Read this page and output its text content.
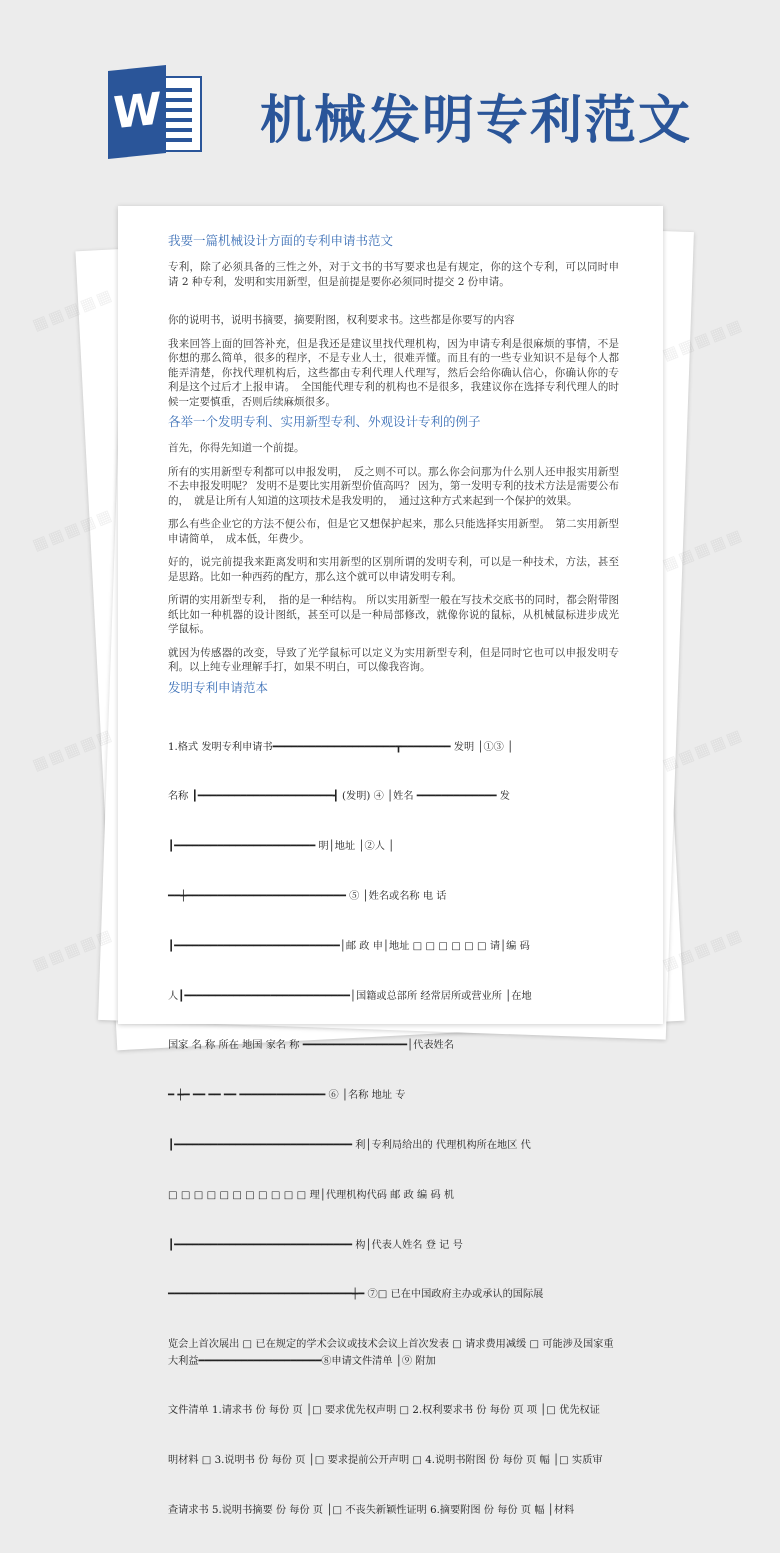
W 机械发明专利范文
我要一篇机械设计方面的专利申请书范文

专利，除了必须具备的三性之外，对于文书的书写要求也是有规定，你的这个专利，可以同时申请 2 种专利，发明和实用新型，但是前提是要你必须同时提交 2 份申请。

你的说明书，说明书摘要，摘要附图，权利要求书。这些都是你要写的内容

我来回答上面的回答补充，但是我还是建议里找代理机构，因为申请专利是很麻烦的事情，不是你想的那么简单，很多的程序，不是专业人士，很难弄懂。而且有的一些专业知识不是每个人都能弄清楚，你找代理机构后，这些都由专利代理人代理写，然后会给你确认信心，你确认你的专利是这个过后才上报申请。　全国能代理专利的机构也不是很多，我建议你在选择专利代理人的时候一定要慎重，否则后续麻烦很多。

各举一个发明专利、实用新型专利、外观设计专利的例子

首先，你得先知道一个前提。

所有的实用新型专利都可以申报发明，　反之则不可以。那么你会问那为什么别人还申报实用新型不去申报发明呢？ 发明不是要比实用新型价值高吗？ 因为，第一发明专利的技术方法是需要公布的，　就是让所有人知道的这项技术是我发明的，　通过这种方式来起到一个保护的效果。

那么有些企业它的方法不便公布，但是它又想保护起来，那么只能选择实用新型。　第二实用新型申请简单，　成本低，年费少。

好的，说完前提我来距离发明和实用新型的区别所谓的发明专利，可以是一种技术，方法，甚至是思路。比如一种西药的配方，那么这个就可以申请发明专利。

所谓的实用新型专利，　指的是一种结构。 所以实用新型一般在写技术交底书的同时，都会附带图纸比如一种机器的设计图纸，甚至可以是一种局部修改，就像你说的鼠标，从机械鼠标进步成光学鼠标。

就因为传感器的改变，导致了光学鼠标可以定义为实用新型专利，但是同时它也可以申报发明专利。以上纯专业理解手打，如果不明白，可以像我咨询。

发明专利申请范本

1.格式 发明专利申请书━━━━━━━━━━━━━━━━━━━━┳━━━━━━━━ 发明 │①③ │

名称 ┃━━━━━━━━━━━━━━━━━━━━━━┫ (发明) ④ │姓名 ━━━━━━━━━━━━━ 发

┃━━━━━━━━━━━━━━━━━━━━━━━ 明│地址 │②人 │

━━┿━━━━━━━━━━━━━━━━━━━━━━━━━━ ⑤ │姓名或名称 电 话

┃━━━━━━━━━━━━━━━━━━━━━━━━━━━│邮 政 申│地址 □ □ □ □ □ □ 请│编 码

人┃━━━━━━━━━━━━━━━━━━━━━━━━━━━│国籍或总部所 经常居所或营业所 │在地

国家 名 称 所在 地国 家名 称 ━━━━━━━━━━━━━━━━━│代表姓名

━ ┿━ ━━ ━━ ━━ ━━━━━━━━━━━━━━ ⑥ │名称 地址 专

┃━━━━━━━━━━━━━━━━━━━━━━━━━━━━━ 利│专利局给出的 代理机构所在地区 代

□ □ □ □ □ □ □ □ □ □ □ 理│代理机构代码 邮 政 编 码 机

┃━━━━━━━━━━━━━━━━━━━━━━━━━━━━━ 构│代表人姓名 登 记 号

━━━━━━━━━━━━━━━━━━━━━━━━━━━━━━┿━ ⑦□ 已在中国政府主办或承认的国际展

览会上首次展出 □ 已在规定的学术会议或技术会议上首次发表 □ 请求费用减缓 □ 可能涉及国家重大利益━━━━━━━━━━━━━━━━━━━━⑧申请文件清单 │⑨ 附加

文件清单 1.请求书 份 每份 页 │□ 要求优先权声明 □ 2.权利要求书 份 每份 页 项 │□ 优先权证

明材料 □ 3.说明书 份 每份 页 │□ 要求提前公开声明 □ 4.说明书附图 份 每份 页 幅 │□ 实质审

查请求书 5.说明书摘要 份 每份 页 │□ 不丧失新颖性证明 6.摘要附图 份 每份 页 幅 │材料

▦▦▦▦▦
▦▦▦▦▦
▦▦▦▦▦	▦▦▦▦▦
▦▦▦▦▦	▦▦▦▦▦
▦▦▦▦▦	▦▦▦▦▦
